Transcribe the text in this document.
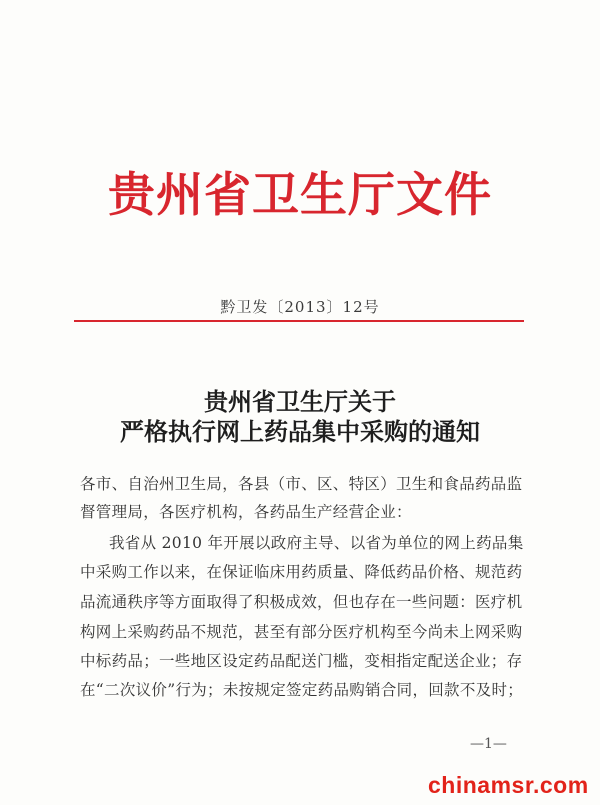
贵州省卫生厅文件
黔卫发〔2013〕12号
贵州省卫生厅关于
严格执行网上药品集中采购的通知
各市、自治州卫生局，各县（市、区、特区）卫生和食品药品监
督管理局，各医疗机构，各药品生产经营企业：
我省从 2010 年开展以政府主导、以省为单位的网上药品集
中采购工作以来，在保证临床用药质量、降低药品价格、规范药
品流通秩序等方面取得了积极成效，但也存在一些问题：医疗机
构网上采购药品不规范，甚至有部分医疗机构至今尚未上网采购
中标药品；一些地区设定药品配送门槛，变相指定配送企业；存
在“二次议价”行为；未按规定签定药品购销合同，回款不及时；
—1—
chinamsr.com
